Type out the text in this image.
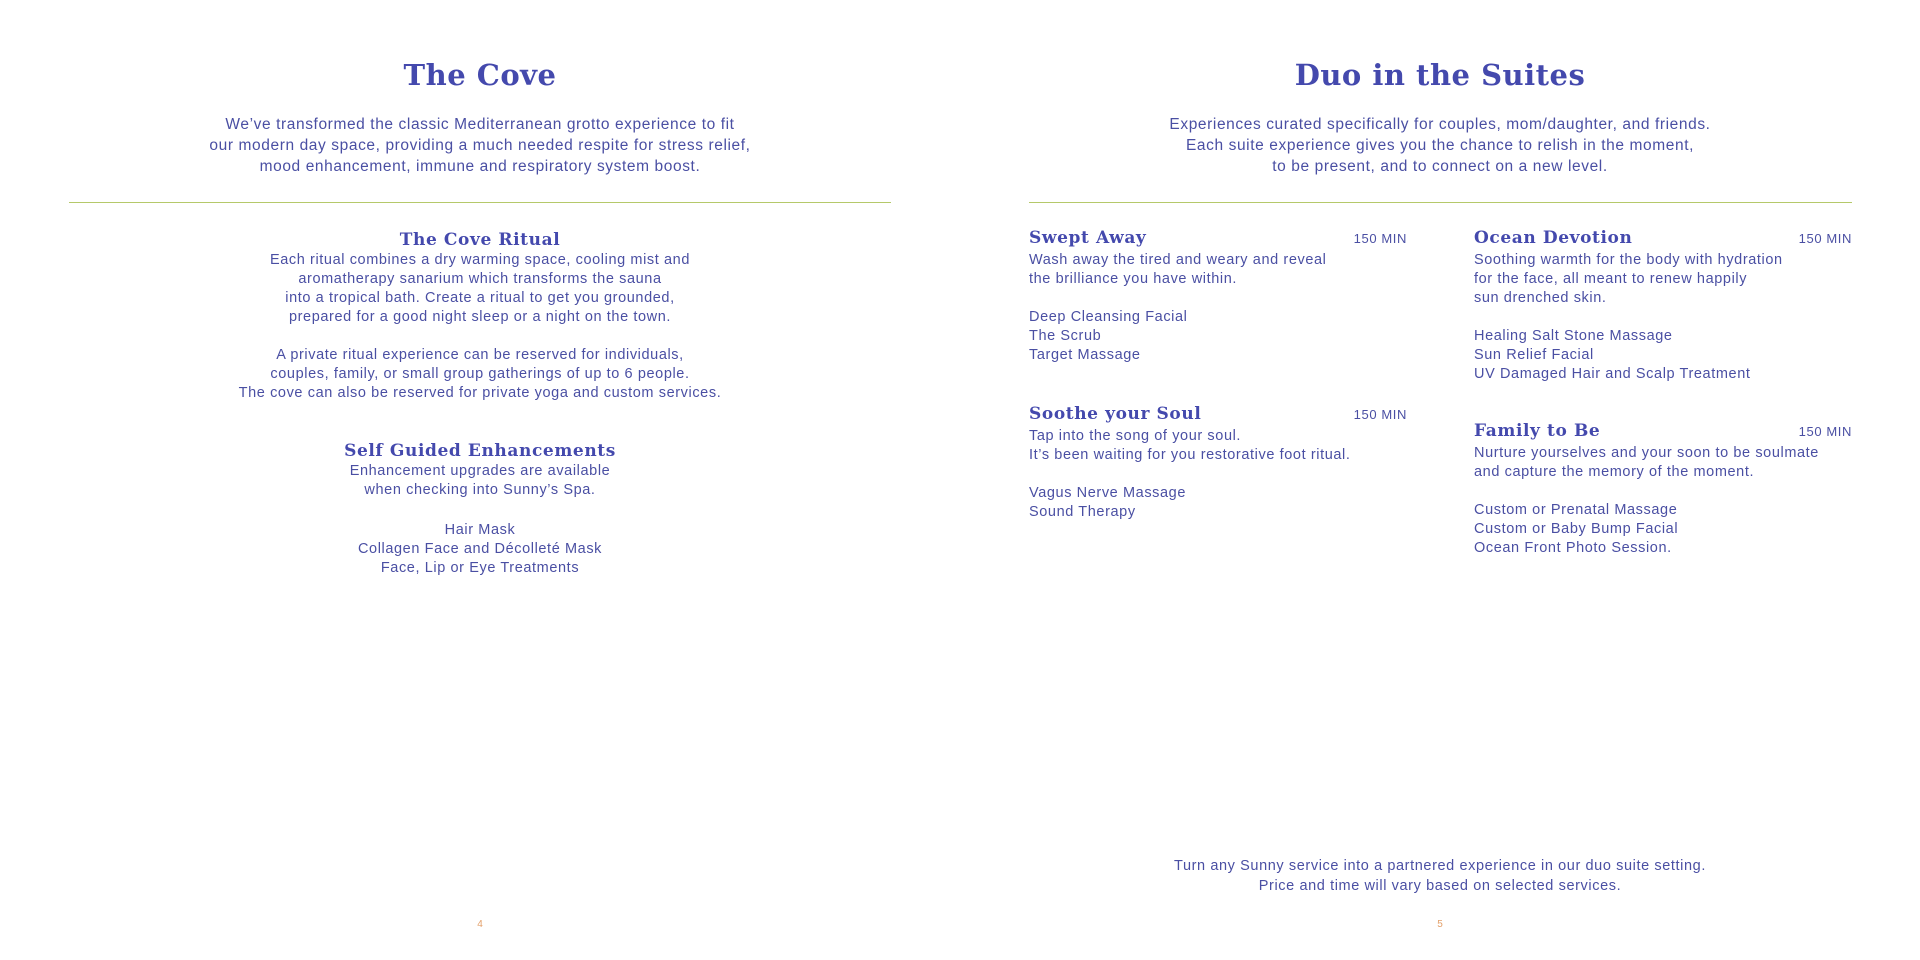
The Cove
We’ve transformed the classic Mediterranean grotto experience to fit
our modern day space, providing a much needed respite for stress relief,
mood enhancement, immune and respiratory system boost.
The Cove Ritual
Each ritual combines a dry warming space, cooling mist and
aromatherapy sanarium which transforms the sauna
into a tropical bath. Create a ritual to get you grounded,
prepared for a good night sleep or a night on the town.
A private ritual experience can be reserved for individuals,
couples, family, or small group gatherings of up to 6 people.
The cove can also be reserved for private yoga and custom services.
Self Guided Enhancements
Enhancement upgrades are available
when checking into Sunny’s Spa.
Hair Mask
Collagen Face and Décolleté Mask
Face, Lip or Eye Treatments
4
Duo in the Suites
Experiences curated specifically for couples, mom/daughter, and friends.
Each suite experience gives you the chance to relish in the moment,
to be present, and to connect on a new level.
Swept Away	150 MIN
Wash away the tired and weary and reveal
the brilliance you have within.
Deep Cleansing Facial
The Scrub
Target Massage
Ocean Devotion	150 MIN
Soothing warmth for the body with hydration
for the face, all meant to renew happily
sun drenched skin.
Healing Salt Stone Massage
Sun Relief Facial
UV Damaged Hair and Scalp Treatment
Soothe your Soul	150 MIN
Tap into the song of your soul.
It’s been waiting for you restorative foot ritual.
Vagus Nerve Massage
Sound Therapy
Family to Be	150 MIN
Nurture yourselves and your soon to be soulmate
and capture the memory of the moment.
Custom or Prenatal Massage
Custom or Baby Bump Facial
Ocean Front Photo Session.
Turn any Sunny service into a partnered experience in our duo suite setting.
Price and time will vary based on selected services.
5
